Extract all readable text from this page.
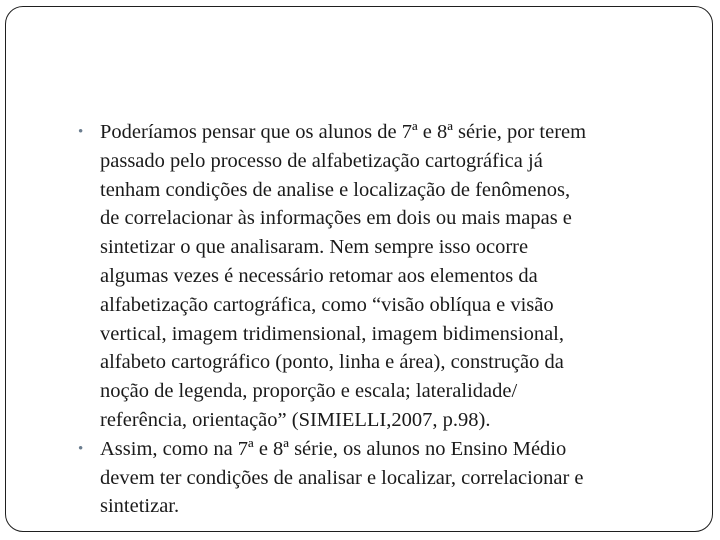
• Poderíamos pensar que os alunos de 7ª e 8ª série, por terem
passado pelo processo de alfabetização cartográfica já
tenham condições de analise e localização de fenômenos,
de correlacionar às informações em dois ou mais mapas e
sintetizar o que analisaram. Nem sempre isso ocorre
algumas vezes é necessário retomar aos elementos da
alfabetização cartográfica, como “visão oblíqua e visão
vertical, imagem tridimensional, imagem bidimensional,
alfabeto cartográfico (ponto, linha e área), construção da
noção de legenda, proporção e escala; lateralidade/
referência, orientação” (SIMIELLI,2007, p.98).
• Assim, como na 7ª e 8ª série, os alunos no Ensino Médio
devem ter condições de analisar e localizar, correlacionar e
sintetizar.
